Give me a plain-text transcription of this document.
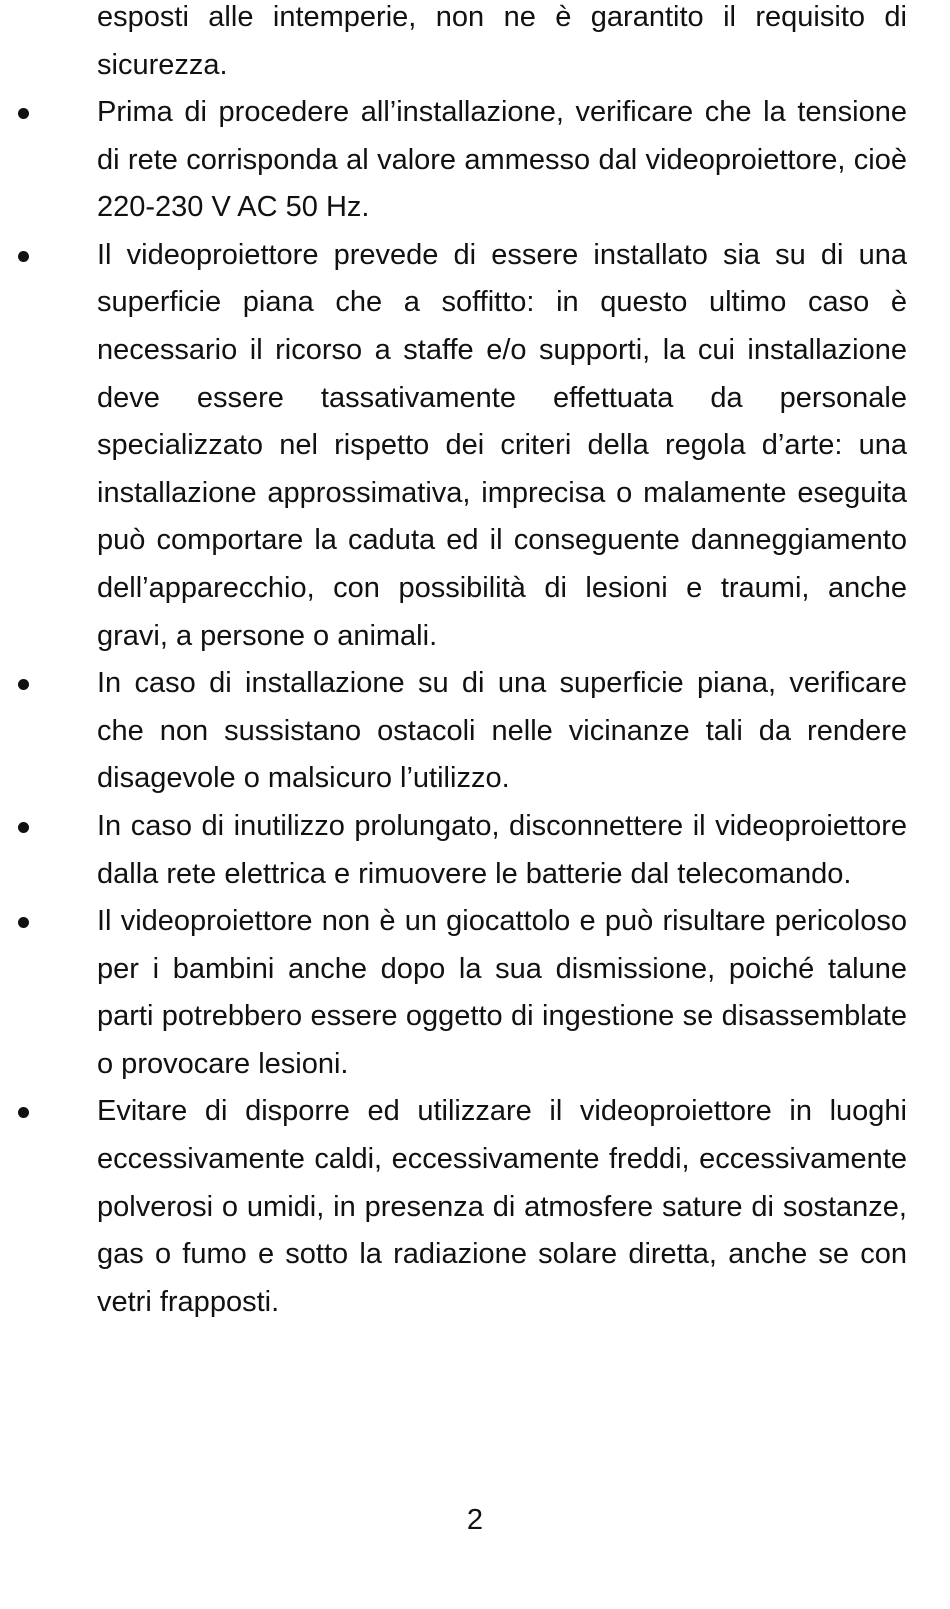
esposti alle intemperie, non ne è garantito il requisito di sicurezza.

Prima di procedere all’installazione, verificare che la tensione di rete corrisponda al valore ammesso dal videoproiettore, cioè 220-230 V AC 50 Hz.
Il videoproiettore prevede di essere installato sia su di una superficie piana che a soffitto: in questo ultimo caso è necessario il ricorso a staffe e/o supporti, la cui installazione deve essere tassativamente effettuata da personale specializzato nel rispetto dei criteri della regola d’arte: una installazione approssimativa, imprecisa o malamente eseguita può comportare la caduta ed il conseguente danneggiamento dell’apparecchio, con possibilità di lesioni e traumi, anche gravi, a persone o animali.
In caso di installazione su di una superficie piana, verificare che non sussistano ostacoli nelle vicinanze tali da rendere disagevole o malsicuro l’utilizzo.
In caso di inutilizzo prolungato, disconnettere il videoproiettore dalla rete elettrica e rimuovere le batterie dal telecomando.
Il videoproiettore non è un giocattolo e può risultare pericoloso per i bambini anche dopo la sua dismissione, poiché talune parti potrebbero essere oggetto di ingestione se disassemblate o provocare lesioni.
Evitare di disporre ed utilizzare il videoproiettore in luoghi eccessivamente caldi, eccessivamente freddi, eccessivamente polverosi o umidi, in presenza di atmosfere sature di sostanze, gas o fumo e sotto la radiazione solare diretta, anche se con vetri frapposti.
2
